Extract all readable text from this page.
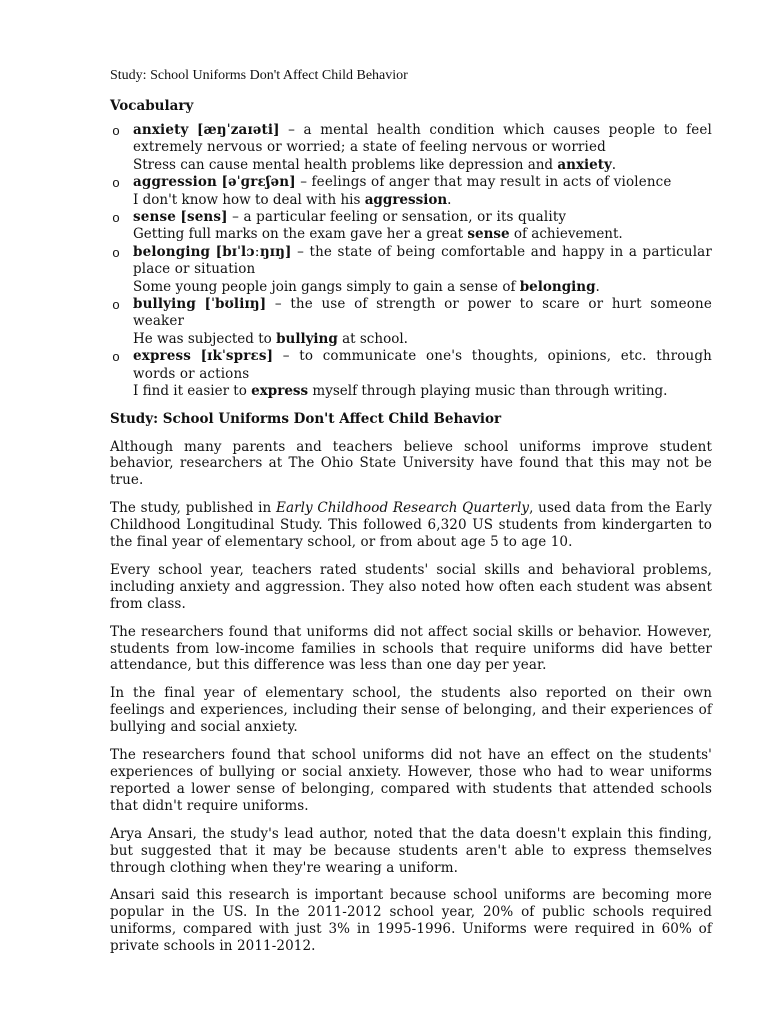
Study: School Uniforms Don't Affect Child Behavior
Vocabulary
o anxiety [æŋˈzaɪəti] – a mental health condition which causes people to feel extremely nervous or worried; a state of feeling nervous or worried
Stress can cause mental health problems like depression and anxiety.
o aggression [əˈɡrɛʃən] – feelings of anger that may result in acts of violence
I don't know how to deal with his aggression.
o sense [sens] – a particular feeling or sensation, or its quality
Getting full marks on the exam gave her a great sense of achievement.
o belonging [bɪˈlɔːŋɪŋ] – the state of being comfortable and happy in a particular place or situation
Some young people join gangs simply to gain a sense of belonging.
o bullying [ˈbʊliɪŋ] – the use of strength or power to scare or hurt someone weaker
He was subjected to bullying at school.
o express [ɪkˈsprɛs] – to communicate one's thoughts, opinions, etc. through words or actions
I find it easier to express myself through playing music than through writing.
Study: School Uniforms Don't Affect Child Behavior

Although many parents and teachers believe school uniforms improve student behavior, researchers at The Ohio State University have found that this may not be true.

The study, published in Early Childhood Research Quarterly, used data from the Early Childhood Longitudinal Study. This followed 6,320 US students from kindergarten to the final year of elementary school, or from about age 5 to age 10.

Every school year, teachers rated students' social skills and behavioral problems, including anxiety and aggression. They also noted how often each student was absent from class.

The researchers found that uniforms did not affect social skills or behavior. However, students from low-income families in schools that require uniforms did have better attendance, but this difference was less than one day per year.

In the final year of elementary school, the students also reported on their own feelings and experiences, including their sense of belonging, and their experiences of bullying and social anxiety.

The researchers found that school uniforms did not have an effect on the students' experiences of bullying or social anxiety. However, those who had to wear uniforms reported a lower sense of belonging, compared with students that attended schools that didn't require uniforms.

Arya Ansari, the study's lead author, noted that the data doesn't explain this finding, but suggested that it may be because students aren't able to express themselves through clothing when they're wearing a uniform.

Ansari said this research is important because school uniforms are becoming more popular in the US. In the 2011-2012 school year, 20% of public schools required uniforms, compared with just 3% in 1995-1996. Uniforms were required in 60% of private schools in 2011-2012.
